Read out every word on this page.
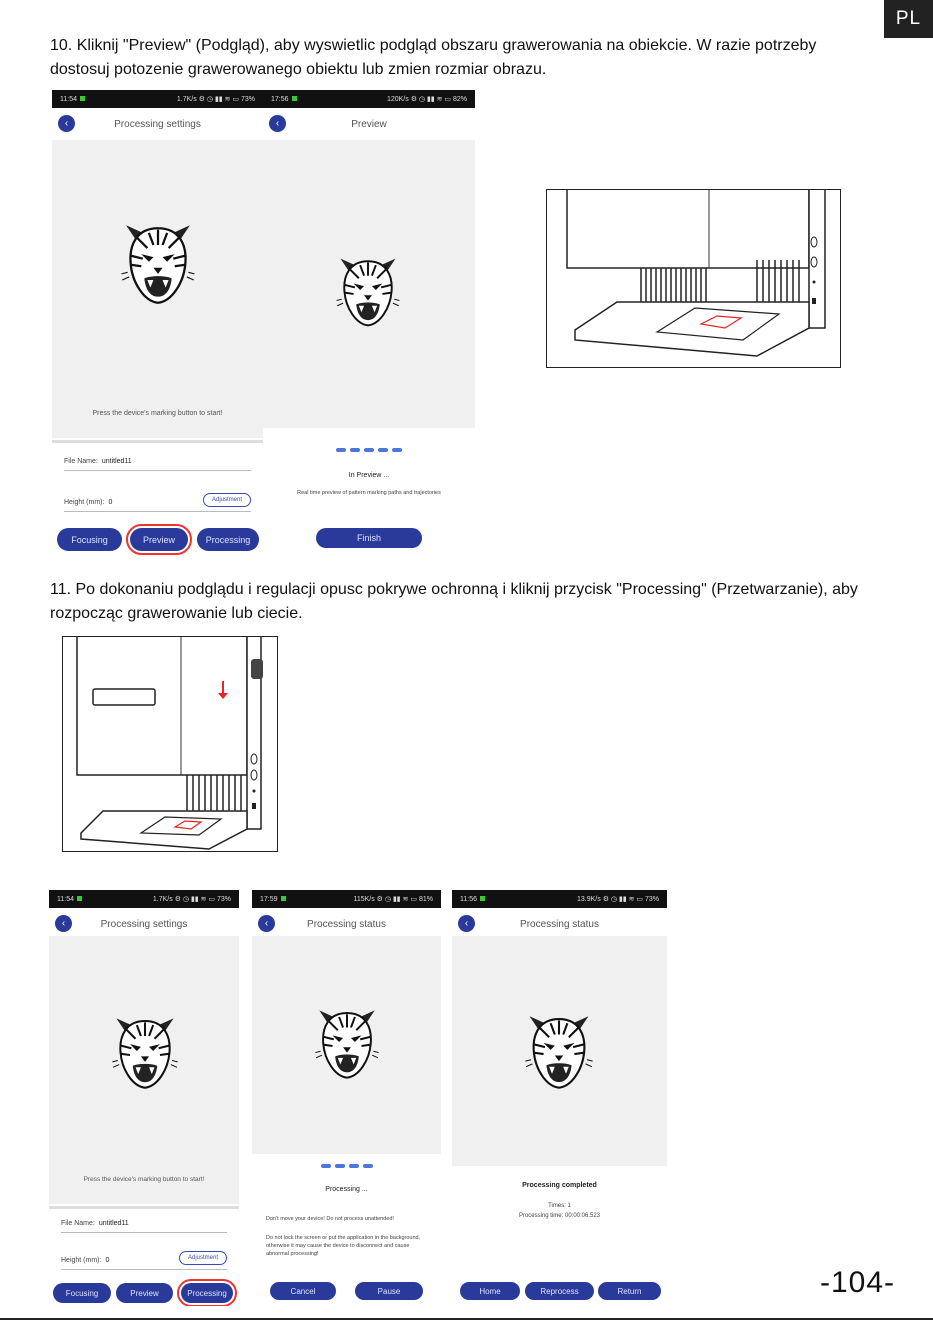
PL
10. Kliknij "Preview" (Podgląd), aby wyswietlic podgląd obszaru grawerowania na obiekcie. W razie potrzeby dostosuj potozenie grawerowanego obiektu lub zmien rozmiar obrazu.
11:54	1.7K/s ⚙ ◷ ▮▮ ≋ ▭ 73%
‹	Processing settings
Press the device's marking button to start!
File Name: untitled11
Height (mm): 0	Adjustment
Focusing	Preview	Processing
17:56	120K/s ⚙ ◷ ▮▮ ≋ ▭ 82%
‹	Preview
In Preview ...
Real time preview of pattern marking paths and trajectories
Finish
11. Po dokonaniu podglądu i regulacji opusc pokrywe ochronną i kliknij przycisk "Processing" (Przetwarzanie), aby rozpocząc grawerowanie lub ciecie.
11:54	1.7K/s ⚙ ◷ ▮▮ ≋ ▭ 73%
‹	Processing settings
Press the device's marking button to start!
File Name: untitled11
Height (mm): 0	Adjustment
Focusing	Preview	Processing
17:59	115K/s ⚙ ◷ ▮▮ ≋ ▭ 81%
‹	Processing status
Processing ...
Don't move your device! Do not process unattended!
Do not lock the screen or put the application in the background, otherwise it may cause the device to disconnect and cause abnormal processing!
Cancel	Pause
11:56	13.9K/s ⚙ ◷ ▮▮ ≋ ▭ 73%
‹	Processing status
Processing completed
Times: 1
Processing time: 00:00:06.523
Home	Reprocess	Return	-104-
